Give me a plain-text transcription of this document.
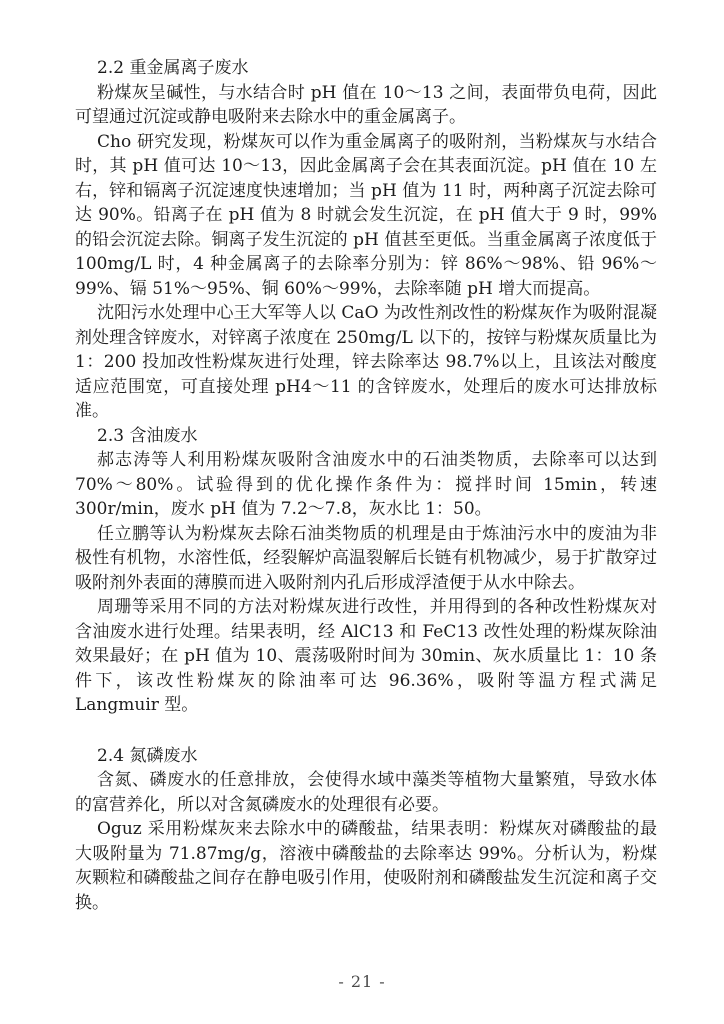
2.2 重金属离子废水

粉煤灰呈碱性，与水结合时 pH 值在 10～13 之间，表面带负电荷，因此可望通过沉淀或静电吸附来去除水中的重金属离子。

Cho 研究发现，粉煤灰可以作为重金属离子的吸附剂，当粉煤灰与水结合时，其 pH 值可达 10～13，因此金属离子会在其表面沉淀。pH 值在 10 左右，锌和镉离子沉淀速度快速增加；当 pH 值为 11 时，两种离子沉淀去除可达 90%。铅离子在 pH 值为 8 时就会发生沉淀，在 pH 值大于 9 时，99%的铅会沉淀去除。铜离子发生沉淀的 pH 值甚至更低。当重金属离子浓度低于 100mg/L 时，4 种金属离子的去除率分别为：锌 86%～98%、铅 96%～99%、镉 51%～95%、铜 60%～99%，去除率随 pH 增大而提高。

沈阳污水处理中心王大军等人以 CaO 为改性剂改性的粉煤灰作为吸附混凝剂处理含锌废水，对锌离子浓度在 250mg/L 以下的，按锌与粉煤灰质量比为 1：200 投加改性粉煤灰进行处理，锌去除率达 98.7%以上，且该法对酸度适应范围宽，可直接处理 pH4～11 的含锌废水，处理后的废水可达排放标准。

2.3 含油废水

郝志涛等人利用粉煤灰吸附含油废水中的石油类物质，去除率可以达到 70%～80%。试验得到的优化操作条件为：搅拌时间 15min，转速 300r/min，废水 pH 值为 7.2～7.8，灰水比 1：50。

任立鹏等认为粉煤灰去除石油类物质的机理是由于炼油污水中的废油为非极性有机物，水溶性低，经裂解炉高温裂解后长链有机物减少，易于扩散穿过吸附剂外表面的薄膜而进入吸附剂内孔后形成浮渣便于从水中除去。

周珊等采用不同的方法对粉煤灰进行改性，并用得到的各种改性粉煤灰对含油废水进行处理。结果表明，经 AlC13 和 FeC13 改性处理的粉煤灰除油效果最好；在 pH 值为 10、震荡吸附时间为 30min、灰水质量比 1：10 条件下，该改性粉煤灰的除油率可达 96.36%，吸附等温方程式满足 Langmuir 型。

2.4 氮磷废水

含氮、磷废水的任意排放，会使得水域中藻类等植物大量繁殖，导致水体的富营养化，所以对含氮磷废水的处理很有必要。

Oguz 采用粉煤灰来去除水中的磷酸盐，结果表明：粉煤灰对磷酸盐的最大吸附量为 71.87mg/g，溶液中磷酸盐的去除率达 99%。分析认为，粉煤灰颗粒和磷酸盐之间存在静电吸引作用，使吸附剂和磷酸盐发生沉淀和离子交换。

- 21 -
